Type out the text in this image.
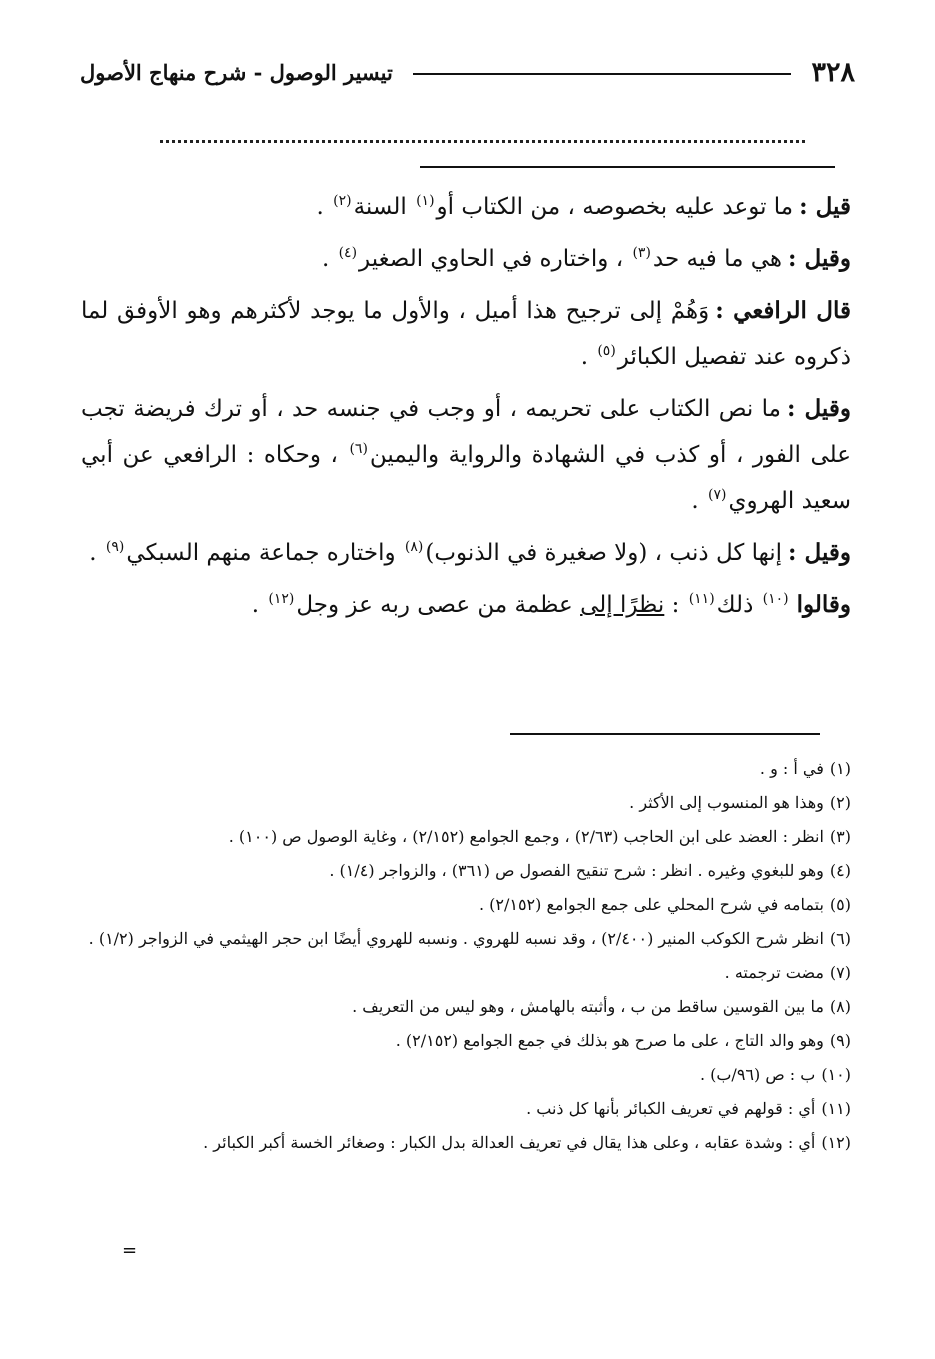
٣٢٨
تيسير الوصول - شرح منهاج الأصول

قيل :ما توعد عليه بخصوصه ، من الكتاب أو$^{(١)}$ السنة$^{(٢)}$ .

وقيل :هي ما فيه حد$^{(٣)}$ ، واختاره في الحاوي الصغير$^{(٤)}$ .

قال الرافعي :وَهُمْ إلى ترجيح هذا أميل ، والأول ما يوجد لأكثرهم وهو الأوفق لما ذكروه عند تفصيل الكبائر$^{(٥)}$ .

وقيل :ما نص الكتاب على تحريمه ، أو وجب في جنسه حد ، أو ترك فريضة تجب على الفور ، أو كذب في الشهادة والرواية واليمين$^{(٦)}$ ، وحكاه : الرافعي عن أبي سعيد الهروي$^{(٧)}$ .

وقيل :إنها كل ذنب ، (ولا صغيرة في الذنوب)$^{(٨)}$ واختاره جماعة منهم السبكي$^{(٩)}$ .

وقالوا$^{(١٠)}$ ذلك$^{(١١)}$ : نظرًا إلى عظمة من عصى ربه عز وجل$^{(١٢)}$ .

(١)في أ : و .

(٢)وهذا هو المنسوب إلى الأكثر .

(٣)انظر : العضد على ابن الحاجب (٢/٦٣) ، وجمع الجوامع (٢/١٥٢) ، وغاية الوصول ص (١٠٠) .

(٤)وهو للبغوي وغيره . انظر : شرح تنقيح الفصول ص (٣٦١) ، والزواجر (١/٤) .

(٥)بتمامه في شرح المحلي على جمع الجوامع (٢/١٥٢) .

(٦)انظر شرح الكوكب المنير (٢/٤٠٠) ، وقد نسبه للهروي . ونسبه للهروي أيضًا ابن حجر الهيثمي في الزواجر (١/٢) .

(٧)مضت ترجمته .

(٨)ما بين القوسين ساقط من ب ، وأثبته بالهامش ، وهو ليس من التعريف .

(٩)وهو والد التاج ، على ما صرح هو بذلك في جمع الجوامع (٢/١٥٢) .

(١٠)ب : ص (٩٦/ب) .

(١١)أي : قولهم في تعريف الكبائر بأنها كل ذنب .

(١٢)أي : وشدة عقابه ، وعلى هذا يقال في تعريف العدالة بدل الكبار : وصغائر الخسة أكبر الكبائر .

=
